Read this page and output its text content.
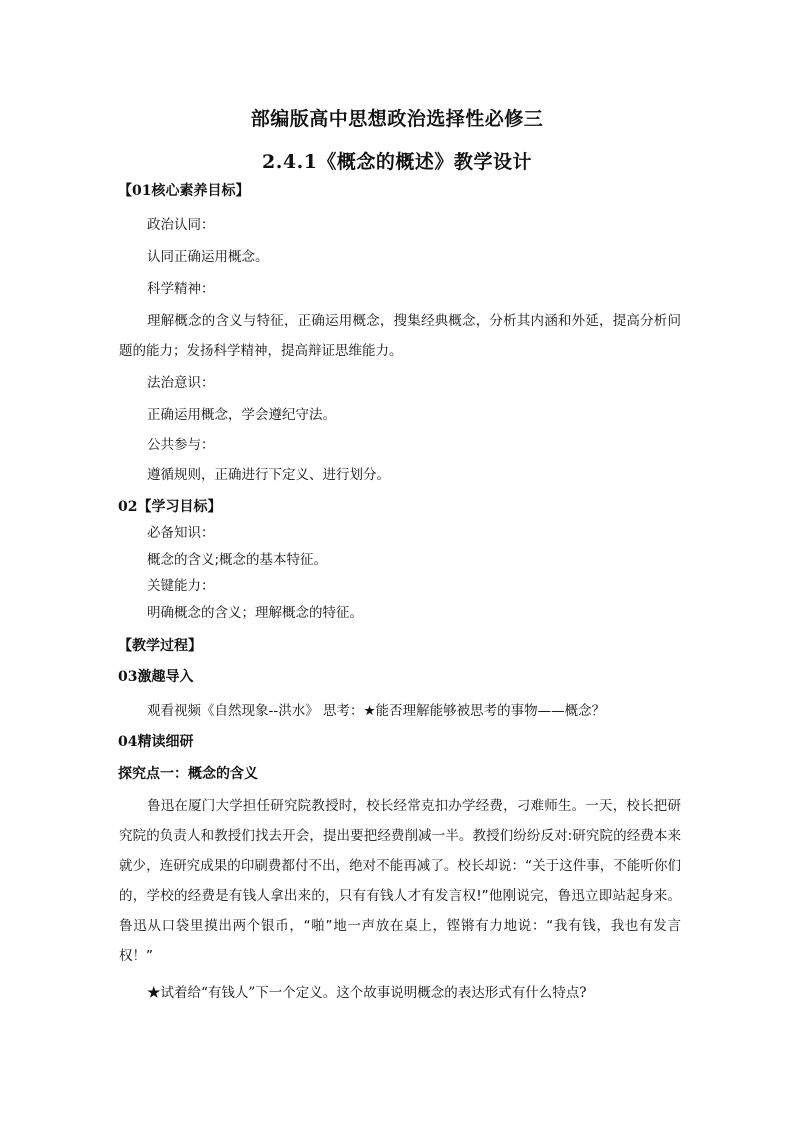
部编版高中思想政治选择性必修三
2.4.1《概念的概述》教学设计
【01核心素养目标】
政治认同：
认同正确运用概念。
科学精神：
理解概念的含义与特征，正确运用概念，搜集经典概念，分析其内涵和外延，提高分析问题的能力；发扬科学精神，提高辩证思维能力。
法治意识：
正确运用概念，学会遵纪守法。
公共参与：
遵循规则，正确进行下定义、进行划分。
02【学习目标】
必备知识：
概念的含义;概念的基本特征。
关键能力：
明确概念的含义；理解概念的特征。
【教学过程】
03激趣导入
观看视频《自然现象--洪水》 思考：★能否理解能够被思考的事物——概念？
04精读细研
探究点一：概念的含义
鲁迅在厦门大学担任研究院教授时，校长经常克扣办学经费，刁难师生。一天，校长把研究院的负责人和教授们找去开会，提出要把经费削减一半。教授们纷纷反对:研究院的经费本来就少，连研究成果的印刷费都付不出，绝对不能再减了。校长却说：“关于这件事，不能听你们的，学校的经费是有钱人拿出来的，只有有钱人才有发言权!”他刚说完，鲁迅立即站起身来。鲁迅从口袋里摸出两个银币，“啪”地一声放在桌上，铿锵有力地说：“我有钱，我也有发言权！”
★试着给“有钱人”下一个定义。这个故事说明概念的表达形式有什么特点?
